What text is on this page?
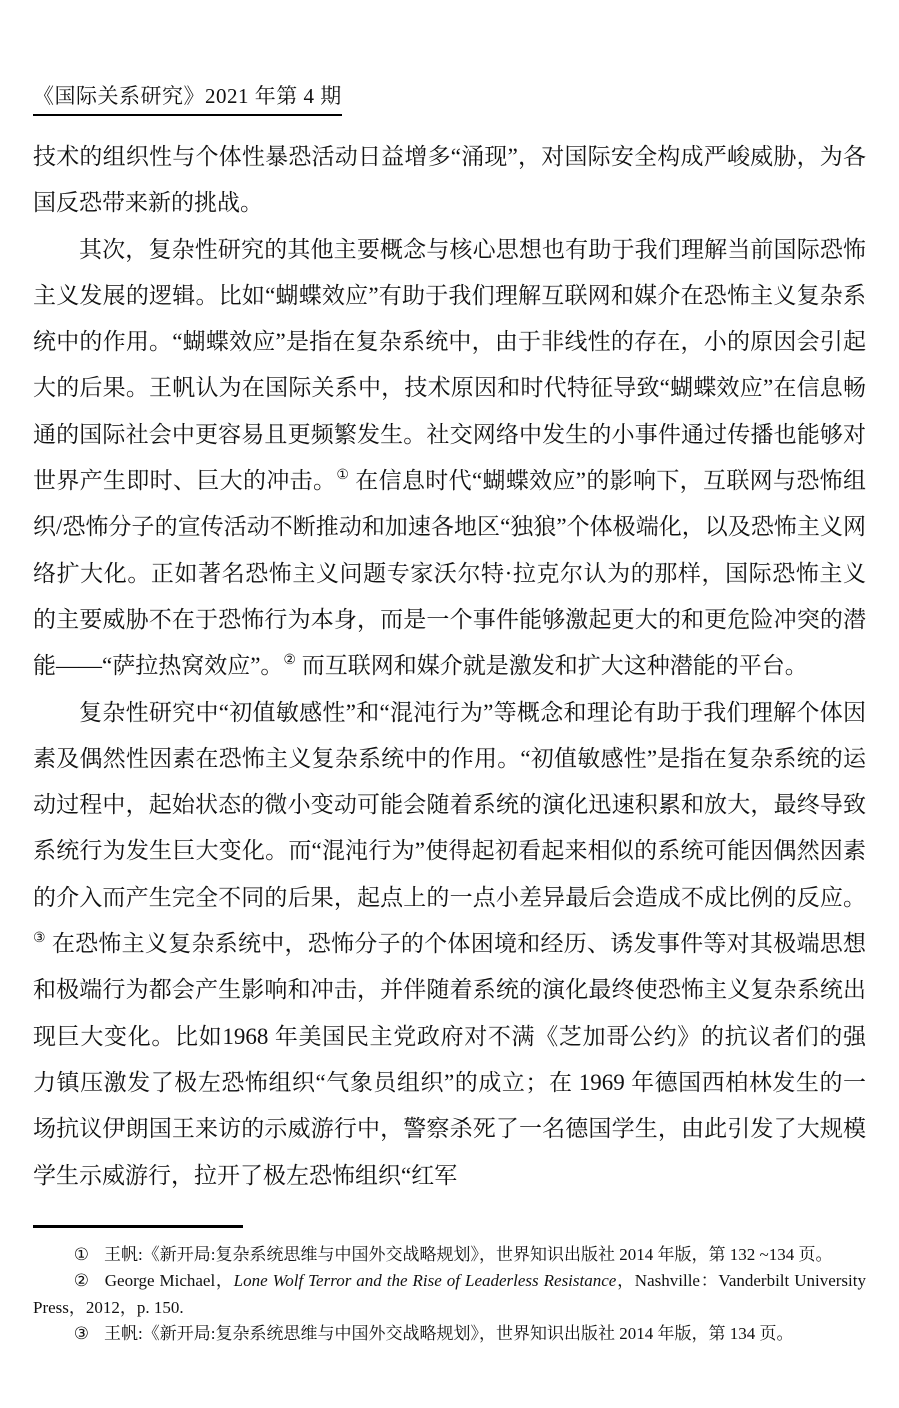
《国际关系研究》2021 年第 4 期

技术的组织性与个体性暴恐活动日益增多“涌现”，对国际安全构成严峻威胁，为各国反恐带来新的挑战。

其次，复杂性研究的其他主要概念与核心思想也有助于我们理解当前国际恐怖主义发展的逻辑。比如“蝴蝶效应”有助于我们理解互联网和媒介在恐怖主义复杂系统中的作用。“蝴蝶效应”是指在复杂系统中，由于非线性的存在，小的原因会引起大的后果。王帆认为在国际关系中，技术原因和时代特征导致“蝴蝶效应”在信息畅通的国际社会中更容易且更频繁发生。社交网络中发生的小事件通过传播也能够对世界产生即时、巨大的冲击。① 在信息时代“蝴蝶效应”的影响下，互联网与恐怖组织/恐怖分子的宣传活动不断推动和加速各地区“独狼”个体极端化，以及恐怖主义网络扩大化。正如著名恐怖主义问题专家沃尔特·拉克尔认为的那样，国际恐怖主义的主要威胁不在于恐怖行为本身，而是一个事件能够激起更大的和更危险冲突的潜能——“萨拉热窝效应”。② 而互联网和媒介就是激发和扩大这种潜能的平台。

复杂性研究中“初值敏感性”和“混沌行为”等概念和理论有助于我们理解个体因素及偶然性因素在恐怖主义复杂系统中的作用。“初值敏感性”是指在复杂系统的运动过程中，起始状态的微小变动可能会随着系统的演化迅速积累和放大，最终导致系统行为发生巨大变化。而“混沌行为”使得起初看起来相似的系统可能因偶然因素的介入而产生完全不同的后果，起点上的一点小差异最后会造成不成比例的反应。③ 在恐怖主义复杂系统中，恐怖分子的个体困境和经历、诱发事件等对其极端思想和极端行为都会产生影响和冲击，并伴随着系统的演化最终使恐怖主义复杂系统出现巨大变化。比如1968 年美国民主党政府对不满《芝加哥公约》的抗议者们的强力镇压激发了极左恐怖组织“气象员组织”的成立；在 1969 年德国西柏林发生的一场抗议伊朗国王来访的示威游行中，警察杀死了一名德国学生，由此引发了大规模学生示威游行，拉开了极左恐怖组织“红军

① 王帆:《新开局:复杂系统思维与中国外交战略规划》，世界知识出版社 2014 年版，第 132 ~134 页。
② George Michael，Lone Wolf Terror and the Rise of Leaderless Resistance，Nashville：Vanderbilt University Press，2012，p. 150.
③ 王帆:《新开局:复杂系统思维与中国外交战略规划》，世界知识出版社 2014 年版，第 134 页。
